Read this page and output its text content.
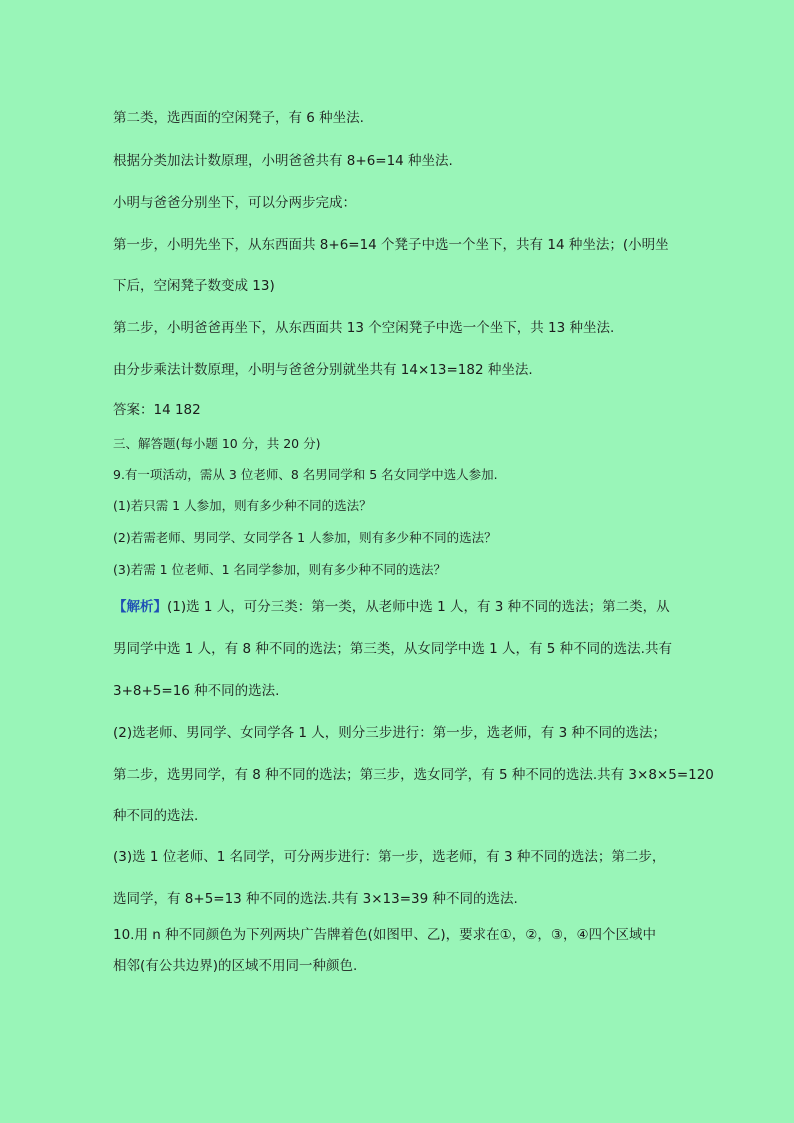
第二类，选西面的空闲凳子，有 6 种坐法.

根据分类加法计数原理，小明爸爸共有 8+6=14 种坐法.

小明与爸爸分别坐下，可以分两步完成：

第一步，小明先坐下，从东西面共 8+6=14 个凳子中选一个坐下，共有 14 种坐法；(小明坐

下后，空闲凳子数变成 13)

第二步，小明爸爸再坐下，从东西面共 13 个空闲凳子中选一个坐下，共 13 种坐法.

由分步乘法计数原理，小明与爸爸分别就坐共有 14×13=182 种坐法.

答案：14 182

三、解答题(每小题 10 分，共 20 分)

9.有一项活动，需从 3 位老师、8 名男同学和 5 名女同学中选人参加.

(1)若只需 1 人参加，则有多少种不同的选法？

(2)若需老师、男同学、女同学各 1 人参加，则有多少种不同的选法？

(3)若需 1 位老师、1 名同学参加，则有多少种不同的选法？

【解析】(1)选 1 人，可分三类：第一类，从老师中选 1 人，有 3 种不同的选法；第二类，从

男同学中选 1 人，有 8 种不同的选法；第三类，从女同学中选 1 人，有 5 种不同的选法.共有

3+8+5=16 种不同的选法.

(2)选老师、男同学、女同学各 1 人，则分三步进行：第一步，选老师，有 3 种不同的选法；

第二步，选男同学，有 8 种不同的选法；第三步，选女同学，有 5 种不同的选法.共有 3×8×5=120

种不同的选法.

(3)选 1 位老师、1 名同学，可分两步进行：第一步，选老师，有 3 种不同的选法；第二步，

选同学，有 8+5=13 种不同的选法.共有 3×13=39 种不同的选法.

10.用 n 种不同颜色为下列两块广告牌着色(如图甲、乙)，要求在①，②，③，④四个区域中

相邻(有公共边界)的区域不用同一种颜色.
